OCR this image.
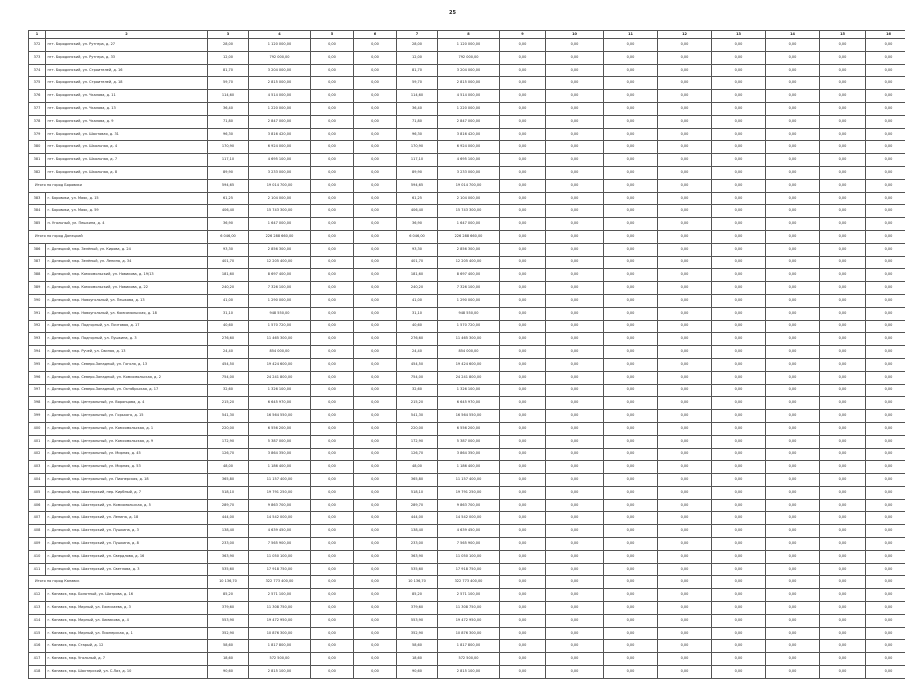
25
1	2	3	4	5	6	7	8	9	10	11	12	13	14	15	16
372	пгт. Бородинский, ул. Рутгера, д. 27	28,00	1 120 000,00	0,00	0,00	28,00	1 120 000,00	0,00	0,00	0,00	0,00	0,00	0,00	0,00	0,00
373	пгт. Бородинский, ул. Рутгера, д. 33	12,00	792 000,00	0,00	0,00	12,00	792 000,00	0,00	0,00	0,00	0,00	0,00	0,00	0,00	0,00
374	пгт. Бородинский, ул. Строителей, д. 16	81,70	3 204 000,00	0,00	0,00	81,70	3 204 000,00	0,00	0,00	0,00	0,00	0,00	0,00	0,00	0,00
375	пгт. Бородинский, ул. Строителей, д. 18	59,70	2 815 000,00	0,00	0,00	59,70	2 815 000,00	0,00	0,00	0,00	0,00	0,00	0,00	0,00	0,00
376	пгт. Бородинский, ул. Чкалова, д. 11	114,60	4 514 000,00	0,00	0,00	114,60	4 514 000,00	0,00	0,00	0,00	0,00	0,00	0,00	0,00	0,00
377	пгт. Бородинский, ул. Чкалова, д. 13	36,40	1 220 000,00	0,00	0,00	36,40	1 220 000,00	0,00	0,00	0,00	0,00	0,00	0,00	0,00	0,00
378	пгт. Бородинский, ул. Чкалова, д. 9	71,80	2 847 000,00	0,00	0,00	71,80	2 847 000,00	0,00	0,00	0,00	0,00	0,00	0,00	0,00	0,00
379	пгт. Бородинский, ул. Шахтовая, д. 31	96,30	3 816 420,00	0,00	0,00	96,30	3 816 420,00	0,00	0,00	0,00	0,00	0,00	0,00	0,00	0,00
380	пгт. Бородинский, ул. Школьная, д. 4	170,90	6 924 000,00	0,00	0,00	170,90	6 924 000,00	0,00	0,00	0,00	0,00	0,00	0,00	0,00	0,00
381	пгт. Бородинский, ул. Школьная, д. 7	117,10	4 695 100,00	0,00	0,00	117,10	4 695 100,00	0,00	0,00	0,00	0,00	0,00	0,00	0,00	0,00
382	пгт. Бородинский, ул. Школьная, д. 8	89,90	3 233 000,00	0,00	0,00	89,90	3 233 000,00	0,00	0,00	0,00	0,00	0,00	0,00	0,00	0,00
Итого по город Боровики		594,65	19 014 700,00	0,00	0,00	594,65	19 014 700,00	0,00	0,00	0,00	0,00	0,00	0,00	0,00	0,00
383	г. Боровики, ул. Маяк, д. 15	61,25	2 104 000,00	0,00	0,00	61,25	2 104 000,00	0,00	0,00	0,00	0,00	0,00	0,00	0,00	0,00
384	г. Боровики, ул. Маяк, д. 59	406,40	15 743 300,00	0,00	0,00	406,40	15 743 300,00	0,00	0,00	0,00	0,00	0,00	0,00	0,00	0,00
385	п. Угольный, ул. Пешкина, д. 4	36,90	1 647 000,00	0,00	0,00	36,90	1 647 000,00	0,00	0,00	0,00	0,00	0,00	0,00	0,00	0,00
Итого по город Донецкий		6 046,00	226 288 660,00	0,00	0,00	6 046,00	226 288 660,00	0,00	0,00	0,00	0,00	0,00	0,00	0,00	0,00
386	г. Донецкий, мкр. Зелёный, ул. Кирова, д. 24	93,30	2 856 300,00	0,00	0,00	93,30	2 856 300,00	0,00	0,00	0,00	0,00	0,00	0,00	0,00	0,00
387	г. Донецкий, мкр. Зелёный, ул. Ленина, д. 34	401,70	12 205 400,00	0,00	0,00	401,70	12 205 400,00	0,00	0,00	0,00	0,00	0,00	0,00	0,00	0,00
388	г. Донецкий, мкр. Комсомольский, ул. Новикова, д. 19/13	181,60	8 697 400,00	0,00	0,00	181,60	8 697 400,00	0,00	0,00	0,00	0,00	0,00	0,00	0,00	0,00
389	г. Донецкий, мкр. Комсомольский, ул. Новикова, д. 22	240,20	7 326 100,00	0,00	0,00	240,20	7 326 100,00	0,00	0,00	0,00	0,00	0,00	0,00	0,00	0,00
390	г. Донецкий, мкр. Новоугольный, ул. Пешкова, д. 13	41,00	1 290 000,00	0,00	0,00	41,00	1 290 000,00	0,00	0,00	0,00	0,00	0,00	0,00	0,00	0,00
391	г. Донецкий, мкр. Новоугольный, ул. Комсомольская, д. 18	31,10	948 550,00	0,00	0,00	31,10	948 550,00	0,00	0,00	0,00	0,00	0,00	0,00	0,00	0,00
392	г. Донецкий, мкр. Подгорный, ул. Почтовая, д. 17	40,60	1 570 720,00	0,00	0,00	40,60	1 570 720,00	0,00	0,00	0,00	0,00	0,00	0,00	0,00	0,00
393	г. Донецкий, мкр. Подгорный, ул. Пушкина, д. 3	276,60	11 465 300,00	0,00	0,00	276,60	11 465 300,00	0,00	0,00	0,00	0,00	0,00	0,00	0,00	0,00
394	г. Донецкий, мкр. Ручей, ул. Свиная, д. 13	24,40	854 000,00	0,00	0,00	24,40	854 000,00	0,00	0,00	0,00	0,00	0,00	0,00	0,00	0,00
395	г. Донецкий, мкр. Северо-Западный, ул. Гоголя, д. 13	454,50	19 424 600,00	0,00	0,00	454,50	19 424 600,00	0,00	0,00	0,00	0,00	0,00	0,00	0,00	0,00
396	г. Донецкий, мкр. Северо-Западный, ул. Комсомольская, д. 2	754,00	24 241 800,00	0,00	0,00	754,00	24 241 800,00	0,00	0,00	0,00	0,00	0,00	0,00	0,00	0,00
397	г. Донецкий, мкр. Северо-Западный, ул. Октябрьская, д. 17	32,60	1 326 100,00	0,00	0,00	32,60	1 326 100,00	0,00	0,00	0,00	0,00	0,00	0,00	0,00	0,00
398	г. Донецкий, мкр. Центральный, ул. Воронцова, д. 4	215,20	6 645 970,00	0,00	0,00	215,20	6 645 970,00	0,00	0,00	0,00	0,00	0,00	0,00	0,00	0,00
399	г. Донецкий, мкр. Центральный, ул. Горького, д. 15	541,30	16 564 550,00	0,00	0,00	541,30	16 564 550,00	0,00	0,00	0,00	0,00	0,00	0,00	0,00	0,00
400	г. Донецкий, мкр. Центральный, ул. Комсомольская, д. 1	220,00	6 556 200,00	0,00	0,00	220,00	6 556 200,00	0,00	0,00	0,00	0,00	0,00	0,00	0,00	0,00
401	г. Донецкий, мкр. Центральный, ул. Комсомольская, д. 9	172,90	5 387 000,00	0,00	0,00	172,90	5 387 000,00	0,00	0,00	0,00	0,00	0,00	0,00	0,00	0,00
402	г. Донецкий, мкр. Центральный, ул. Мирная, д. 45	126,70	3 864 350,00	0,00	0,00	126,70	3 864 350,00	0,00	0,00	0,00	0,00	0,00	0,00	0,00	0,00
403	г. Донецкий, мкр. Центральный, ул. Мирная, д. 53	48,00	1 186 400,00	0,00	0,00	48,00	1 186 400,00	0,00	0,00	0,00	0,00	0,00	0,00	0,00	0,00
404	г. Донецкий, мкр. Центральный, ул. Пионерская, д. 18	365,80	11 157 400,00	0,00	0,00	365,80	11 157 400,00	0,00	0,00	0,00	0,00	0,00	0,00	0,00	0,00
405	г. Донецкий, мкр. Шахтерский, пер. Кирбный, д. 7	518,10	19 791 250,00	0,00	0,00	518,10	19 791 250,00	0,00	0,00	0,00	0,00	0,00	0,00	0,00	0,00
406	г. Донецкий, мкр. Шахтерский, ул. Комсомольская, д. 5	289,70	9 863 700,00	0,00	0,00	289,70	9 863 700,00	0,00	0,00	0,00	0,00	0,00	0,00	0,00	0,00
407	г. Донецкий, мкр. Шахтерский, ул. Ленина, д. 18	444,00	14 542 000,00	0,00	0,00	444,00	14 542 000,00	0,00	0,00	0,00	0,00	0,00	0,00	0,00	0,00
408	г. Донецкий, мкр. Шахтерский, ул. Пушкина, д. 3	138,40	4 639 450,00	0,00	0,00	138,40	4 639 450,00	0,00	0,00	0,00	0,00	0,00	0,00	0,00	0,00
409	г. Донецкий, мкр. Шахтерский, ул. Пушкина, д. 8	233,00	7 565 900,00	0,00	0,00	233,00	7 565 900,00	0,00	0,00	0,00	0,00	0,00	0,00	0,00	0,00
410	г. Донецкий, мкр. Шахтерский, ул. Свердлова, д. 16	363,90	11 050 100,00	0,00	0,00	363,90	11 050 100,00	0,00	0,00	0,00	0,00	0,00	0,00	0,00	0,00
411	г. Донецкий, мкр. Шахтерский, ул. Светлова, д. 3	535,60	17 918 750,00	0,00	0,00	535,60	17 918 750,00	0,00	0,00	0,00	0,00	0,00	0,00	0,00	0,00
Итого по город Канавск		10 136,70	322 773 400,00	0,00	0,00	10 136,70	322 773 400,00	0,00	0,00	0,00	0,00	0,00	0,00	0,00	0,00
412	г. Канавск, мкр. Болотный, ул. Шатрова, д. 16	85,20	2 571 100,00	0,00	0,00	85,20	2 571 100,00	0,00	0,00	0,00	0,00	0,00	0,00	0,00	0,00
413	г. Канавск, мкр. Мирный, ул. Ежескаева, д. 3	379,60	11 308 750,00	0,00	0,00	379,60	11 308 750,00	0,00	0,00	0,00	0,00	0,00	0,00	0,00	0,00
414	г. Канавск, мкр. Мирный, ул. Химикова, д. 4	553,90	19 472 950,00	0,00	0,00	553,90	19 472 950,00	0,00	0,00	0,00	0,00	0,00	0,00	0,00	0,00
415	г. Канавск, мкр. Мирный, ул. Пионерская, д. 1	352,90	10 876 300,00	0,00	0,00	352,90	10 876 300,00	0,00	0,00	0,00	0,00	0,00	0,00	0,00	0,00
416	г. Канавск, мкр. Старый, д. 12	58,60	1 817 800,00	0,00	0,00	58,60	1 817 800,00	0,00	0,00	0,00	0,00	0,00	0,00	0,00	0,00
417	г. Канавск, мкр. Угольный, д. 7	18,60	572 500,00	0,00	0,00	18,60	572 500,00	0,00	0,00	0,00	0,00	0,00	0,00	0,00	0,00
418	г. Канавск, мкр. Шахтерский, ул. С.Лаз, д. 10	90,60	2 815 100,00	0,00	0,00	90,60	2 815 100,00	0,00	0,00	0,00	0,00	0,00	0,00	0,00	0,00
